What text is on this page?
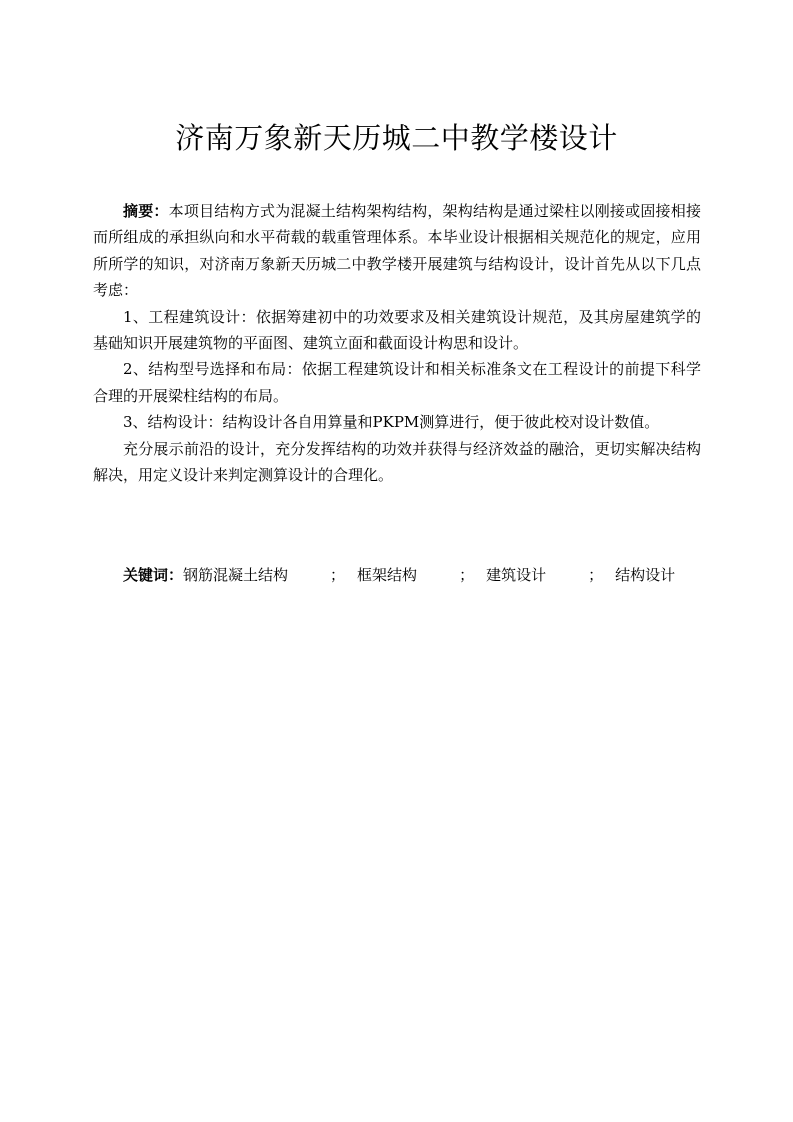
济南万象新天历城二中教学楼设计

摘要：本项目结构方式为混凝土结构架构结构，架构结构是通过梁柱以刚接或固接相接而所组成的承担纵向和水平荷载的载重管理体系。本毕业设计根据相关规范化的规定，应用所所学的知识，对济南万象新天历城二中教学楼开展建筑与结构设计，设计首先从以下几点考虑：

1、工程建筑设计：依据筹建初中的功效要求及相关建筑设计规范，及其房屋建筑学的基础知识开展建筑物的平面图、建筑立面和截面设计构思和设计。

2、结构型号选择和布局：依据工程建筑设计和相关标准条文在工程设计的前提下科学合理的开展梁柱结构的布局。

3、结构设计：结构设计各自用算量和PKPM测算进行，便于彼此校对设计数值。

充分展示前沿的设计，充分发挥结构的功效并获得与经济效益的融洽，更切实解决结构解决，用定义设计来判定测算设计的合理化。

关键词：钢筋混凝土结构	； 框架结构	； 建筑设计	； 结构设计
